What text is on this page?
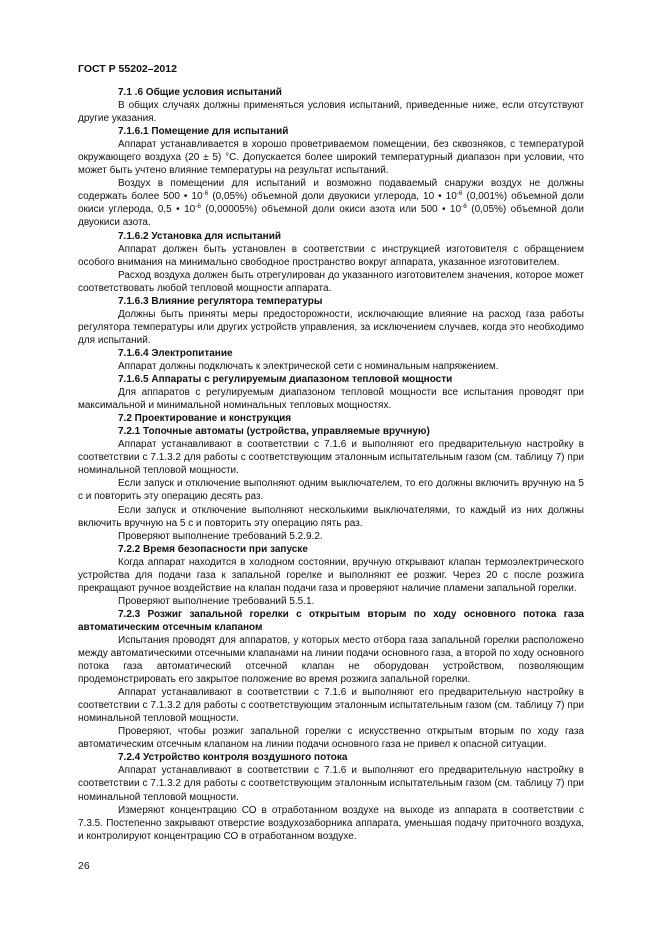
ГОСТ Р 55202–2012

7.1 .6 Общие условия испытаний

В общих случаях должны применяться условия испытаний, приведенные ниже, если отсутствуют другие указания.

7.1.6.1 Помещение для испытаний

Аппарат устанавливается в хорошо проветриваемом помещении, без сквозняков, с температурой окружающего воздуха (20 ± 5) °С. Допускается более широкий температурный диапазон при условии, что может быть учтено влияние температуры на результат испытаний.

Воздух в помещении для испытаний и возможно подаваемый снаружи воздух не должны содержать более 500 • $10^{-6}$ (0,05%) объемной доли двуокиси углерода, 10 • $10^{-6}$ (0,001%) объемной доли окиси углерода, 0,5 • $10^{-6}$ (0,00005%) объемной доли окиси азота или 500 • $10^{-6}$ (0,05%) объемной доли двуокиси азота.

7.1.6.2 Установка для испытаний

Аппарат должен быть установлен в соответствии с инструкцией изготовителя с обращением особого внимания на минимально свободное пространство вокруг аппарата, указанное изготовителем.

Расход воздуха должен быть отрегулирован до указанного изготовителем значения, которое может соответствовать любой тепловой мощности аппарата.

7.1.6.3 Влияние регулятора температуры

Должны быть приняты меры предосторожности, исключающие влияние на расход газа работы регулятора температуры или других устройств управления, за исключением случаев, когда это необходимо для испытаний.

7.1.6.4 Электропитание

Аппарат должны подключать к электрической сети с номинальным напряжением.

7.1.6.5 Аппараты с регулируемым диапазоном тепловой мощности

Для аппаратов с регулируемым диапазоном тепловой мощности все испытания проводят при максимальной и минимальной номинальных тепловых мощностях.

7.2 Проектирование и конструкция

7.2.1 Топочные автоматы (устройства, управляемые вручную)

Аппарат устанавливают в соответствии с 7.1.6 и выполняют его предварительную настройку в соответствии с 7.1.3.2 для работы с соответствующим эталонным испытательным газом (см. таблицу 7) при номинальной тепловой мощности.

Если запуск и отключение выполняют одним выключателем, то его должны включить вручную на 5 с и повторить эту операцию десять раз.

Если запуск и отключение выполняют несколькими выключателями, то каждый из них должны включить вручную на 5 с и повторить эту операцию пять раз.

Проверяют выполнение требований 5.2.9.2.

7.2.2 Время безопасности при запуске

Когда аппарат находится в холодном состоянии, вручную открывают клапан термоэлектрического устройства для подачи газа к запальной горелке и выполняют ее розжиг. Через 20 с после розжига прекращают ручное воздействие на клапан подачи газа и проверяют наличие пламени запальной горелки.

Проверяют выполнение требований 5.5.1.

7.2.3 Розжиг запальной горелки с открытым вторым по ходу основного потока газа автоматическим отсечным клапаном

Испытания проводят для аппаратов, у которых место отбора газа запальной горелки расположено между автоматическими отсечными клапанами на линии подачи основного газа, а второй по ходу основного потока газа автоматический отсечной клапан не оборудован устройством, позволяющим продемонстрировать его закрытое положение во время розжига запальной горелки.

Аппарат устанавливают в соответствии с 7.1.6 и выполняют его предварительную настройку в соответствии с 7.1.3.2 для работы с соответствующим эталонным испытательным газом (см. таблицу 7) при номинальной тепловой мощности.

Проверяют, чтобы розжиг запальной горелки с искусственно открытым вторым по ходу газа автоматическим отсечным клапаном на линии подачи основного газа не привел к опасной ситуации.

7.2.4 Устройство контроля воздушного потока

Аппарат устанавливают в соответствии с 7.1.6 и выполняют его предварительную настройку в соответствии с 7.1.3.2 для работы с соответствующим эталонным испытательным газом (см. таблицу 7) при номинальной тепловой мощности.

Измеряют концентрацию СО в отработанном воздухе на выходе из аппарата в соответствии с 7.3.5. Постепенно закрывают отверстие воздухозаборника аппарата, уменьшая подачу приточного воздуха, и контролируют концентрацию СО в отработанном воздухе.

26
